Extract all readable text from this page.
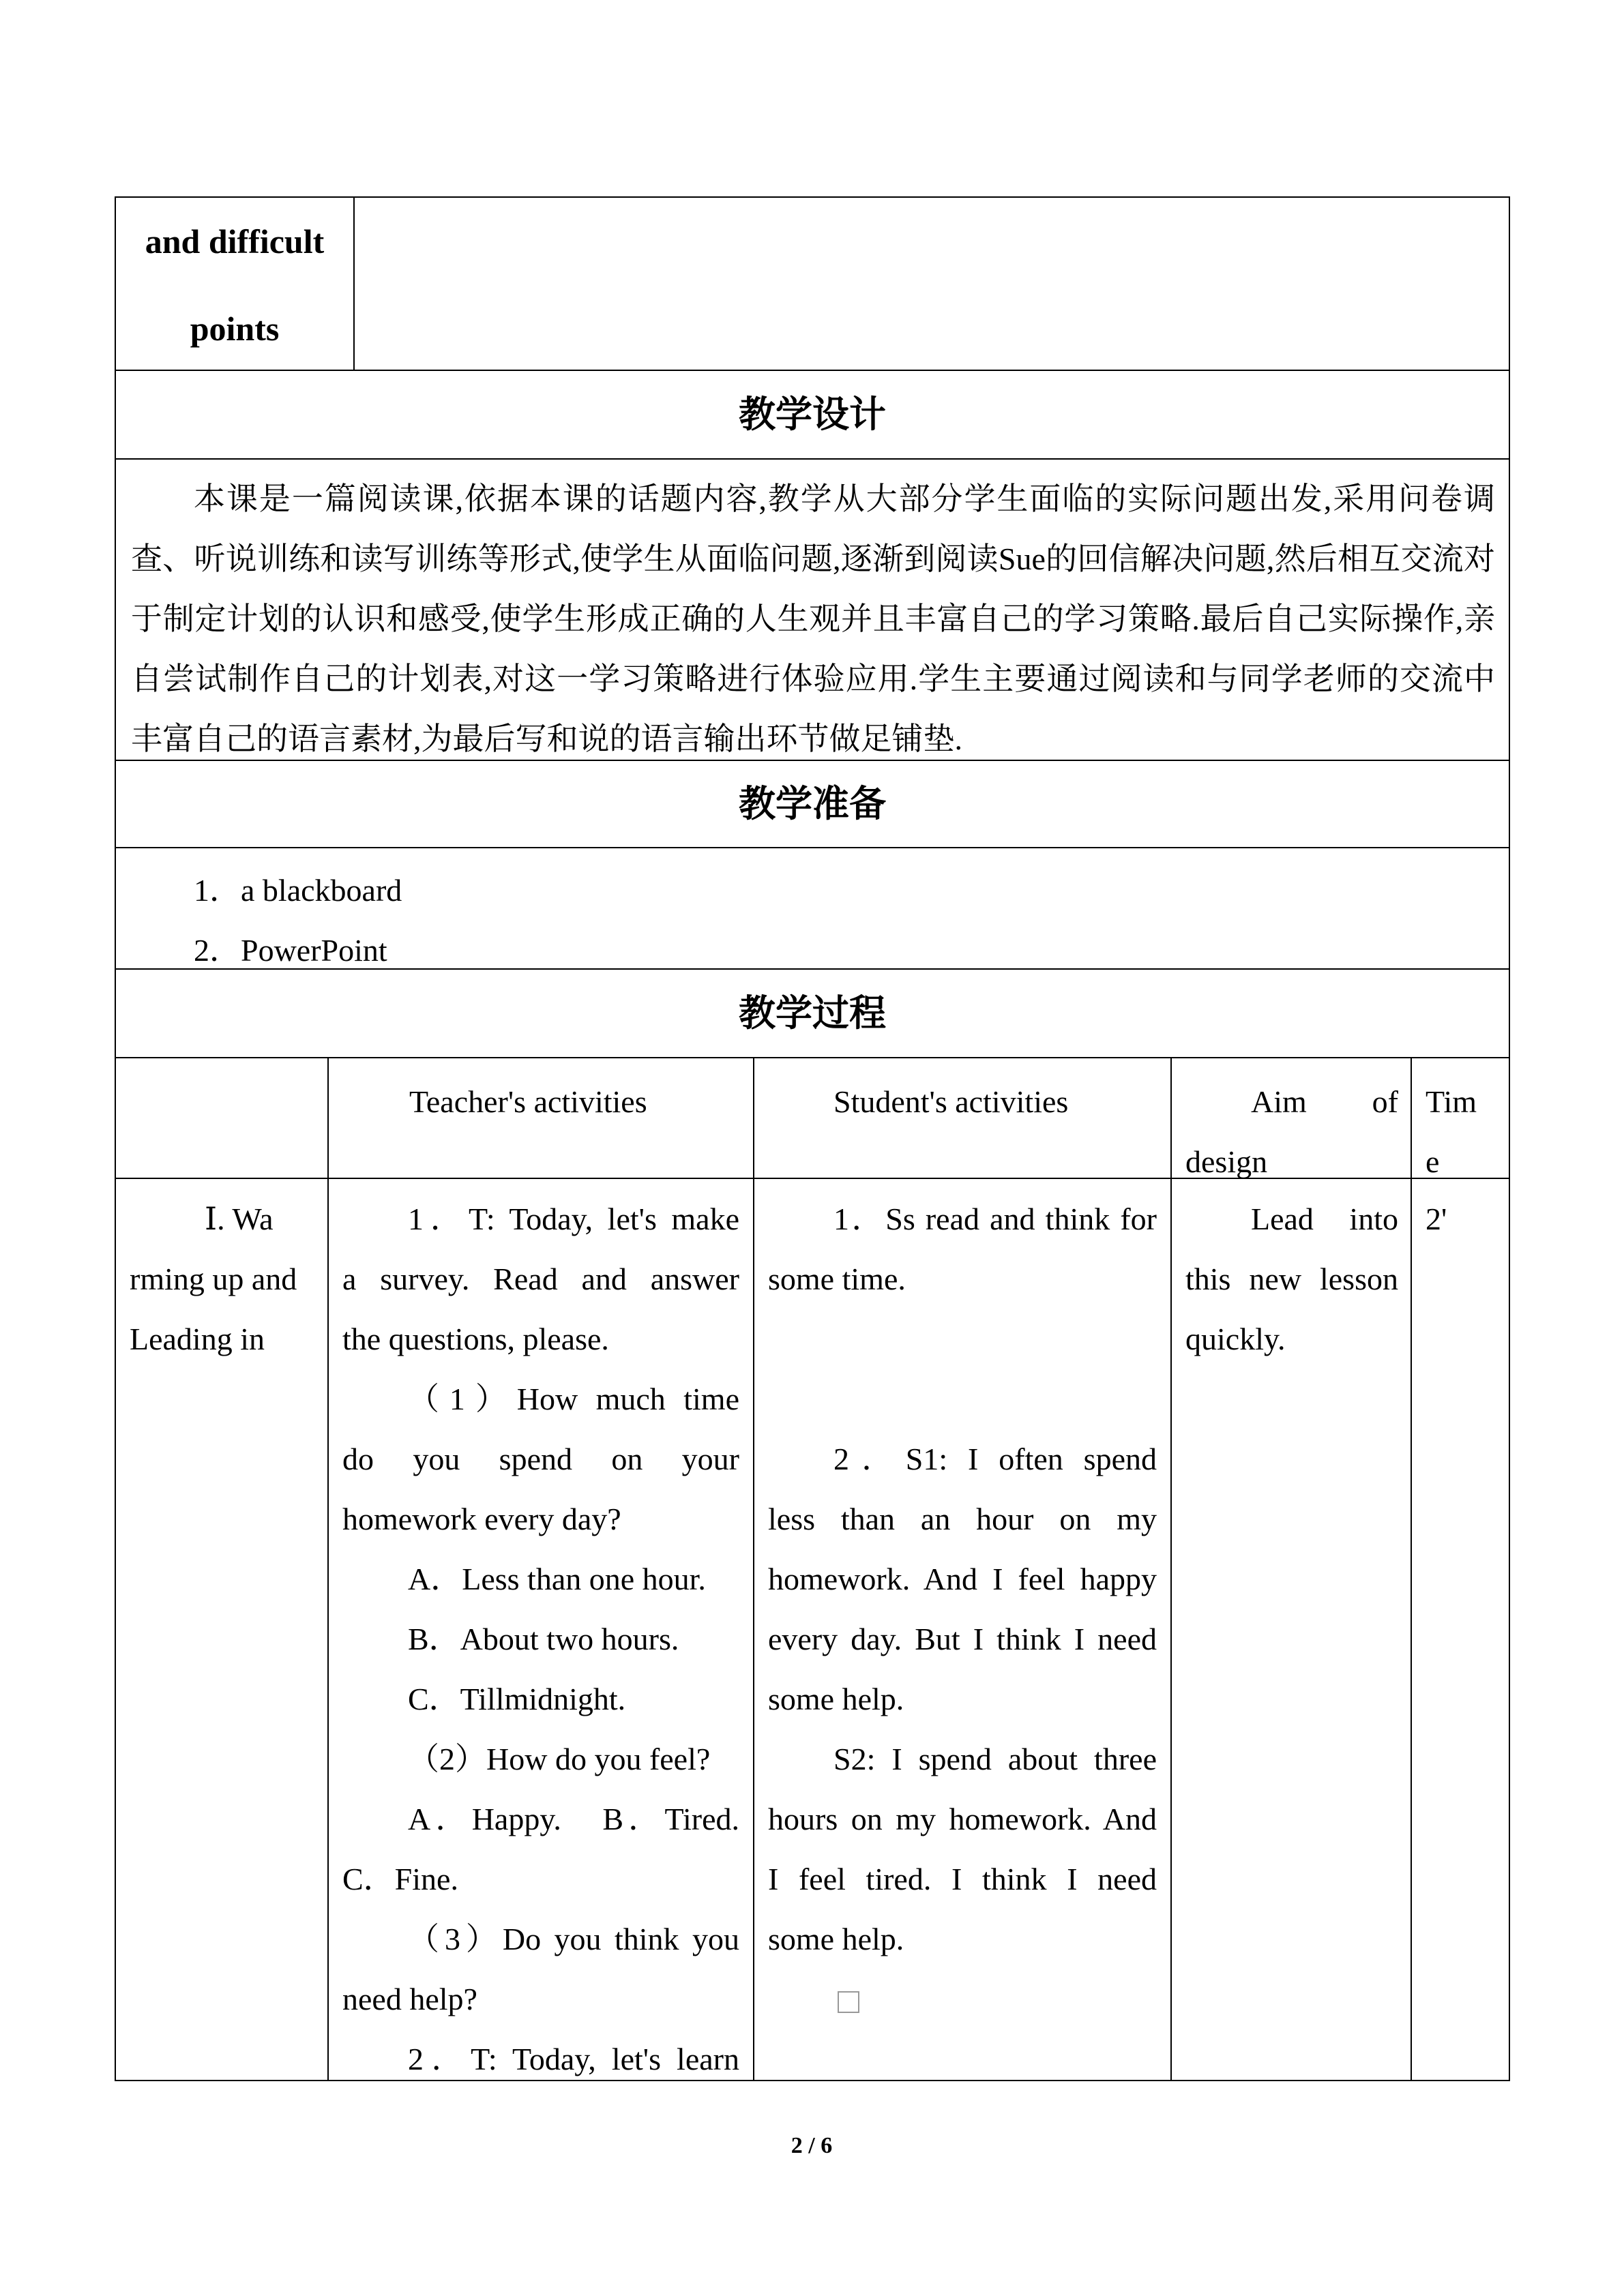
and difficult
points
教学设计
本课是一篇阅读课,依据本课的话题内容,教学从大部分学生面临的实际问题出发,采用问卷调查、听说训练和读写训练等形式,使学生从面临问题,逐渐到阅读Sue的回信解决问题,然后相互交流对于制定计划的认识和感受,使学生形成正确的人生观并且丰富自己的学习策略.最后自己实际操作,亲自尝试制作自己的计划表,对这一学习策略进行体验应用.学生主要通过阅读和与同学老师的交流中丰富自己的语言素材,为最后写和说的语言输出环节做足铺垫.
教学准备
1．a blackboard
2．PowerPoint
教学过程
Teacher's activities	Student's activities	Aim of

design

Tim

e

Ⅰ. Wa

rming up and

Leading in

1．T: Today, let's make

a survey. Read and answer

the questions, please.

（1）How much time

do you spend on your

homework every day?

A．Less than one hour.

B．About two hours.

C．Tillmidnight.

（2）How do you feel?

A．Happy.　B．Tired.

C．Fine.

（3）Do you think you

need help?

2．T: Today, let's learn

1．Ss read and think for

some time.

2．S1: I often spend

less than an hour on my

homework. And I feel happy

every day. But I think I need

some help.

S2: I spend about three

hours on my homework. And

I feel tired. I think I need

some help.

Lead into

this new lesson

quickly.

2'
2 / 6
